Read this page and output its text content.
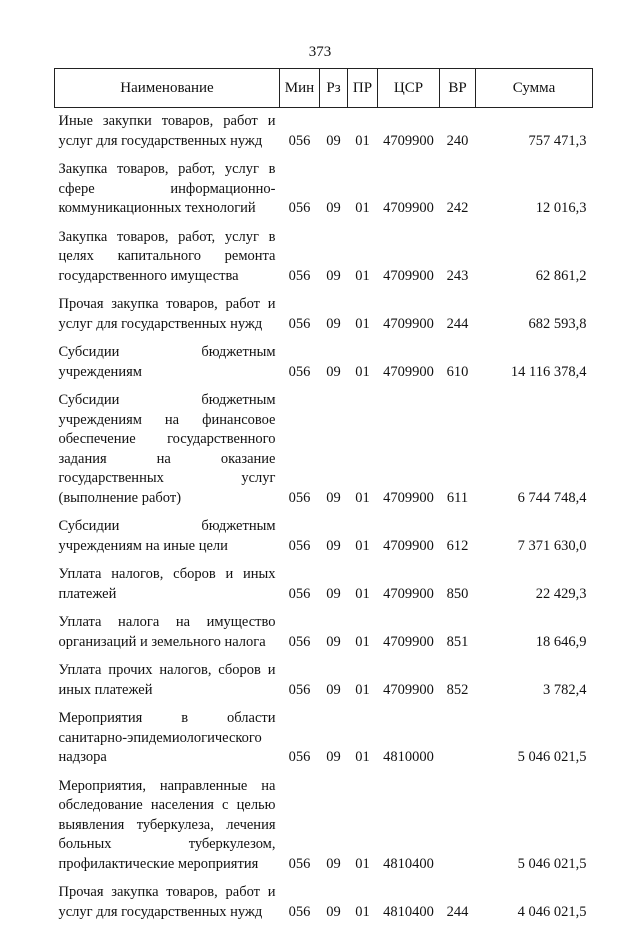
373
Наименование	Мин	Рз	ПР	ЦСР	ВР	Сумма
Иные закупки товаров, работ и услуг для государственных нужд	056	09	01	4709900	240	757 471,3
Закупка товаров, работ, услуг в сфере информационно-коммуникационных технологий	056	09	01	4709900	242	12 016,3
Закупка товаров, работ, услуг в целях капитального ремонта государственного имущества	056	09	01	4709900	243	62 861,2
Прочая закупка товаров, работ и услуг для государственных нужд	056	09	01	4709900	244	682 593,8
Субсидии бюджетным учреждениям	056	09	01	4709900	610	14 116 378,4
Субсидии бюджетным учреждениям на финансовое обеспечение государственного задания на оказание государственных услуг (выполнение работ)	056	09	01	4709900	611	6 744 748,4
Субсидии бюджетным учреждениям на иные цели	056	09	01	4709900	612	7 371 630,0
Уплата налогов, сборов и иных платежей	056	09	01	4709900	850	22 429,3
Уплата налога на имущество организаций и земельного налога	056	09	01	4709900	851	18 646,9
Уплата прочих налогов, сборов и иных платежей	056	09	01	4709900	852	3 782,4
Мероприятия в области санитарно-эпидемиологического надзора	056	09	01	4810000		5 046 021,5
Мероприятия, направленные на обследование населения с целью выявления туберкулеза, лечения больных туберкулезом, профилактические мероприятия	056	09	01	4810400		5 046 021,5
Прочая закупка товаров, работ и услуг для государственных нужд	056	09	01	4810400	244	4 046 021,5
